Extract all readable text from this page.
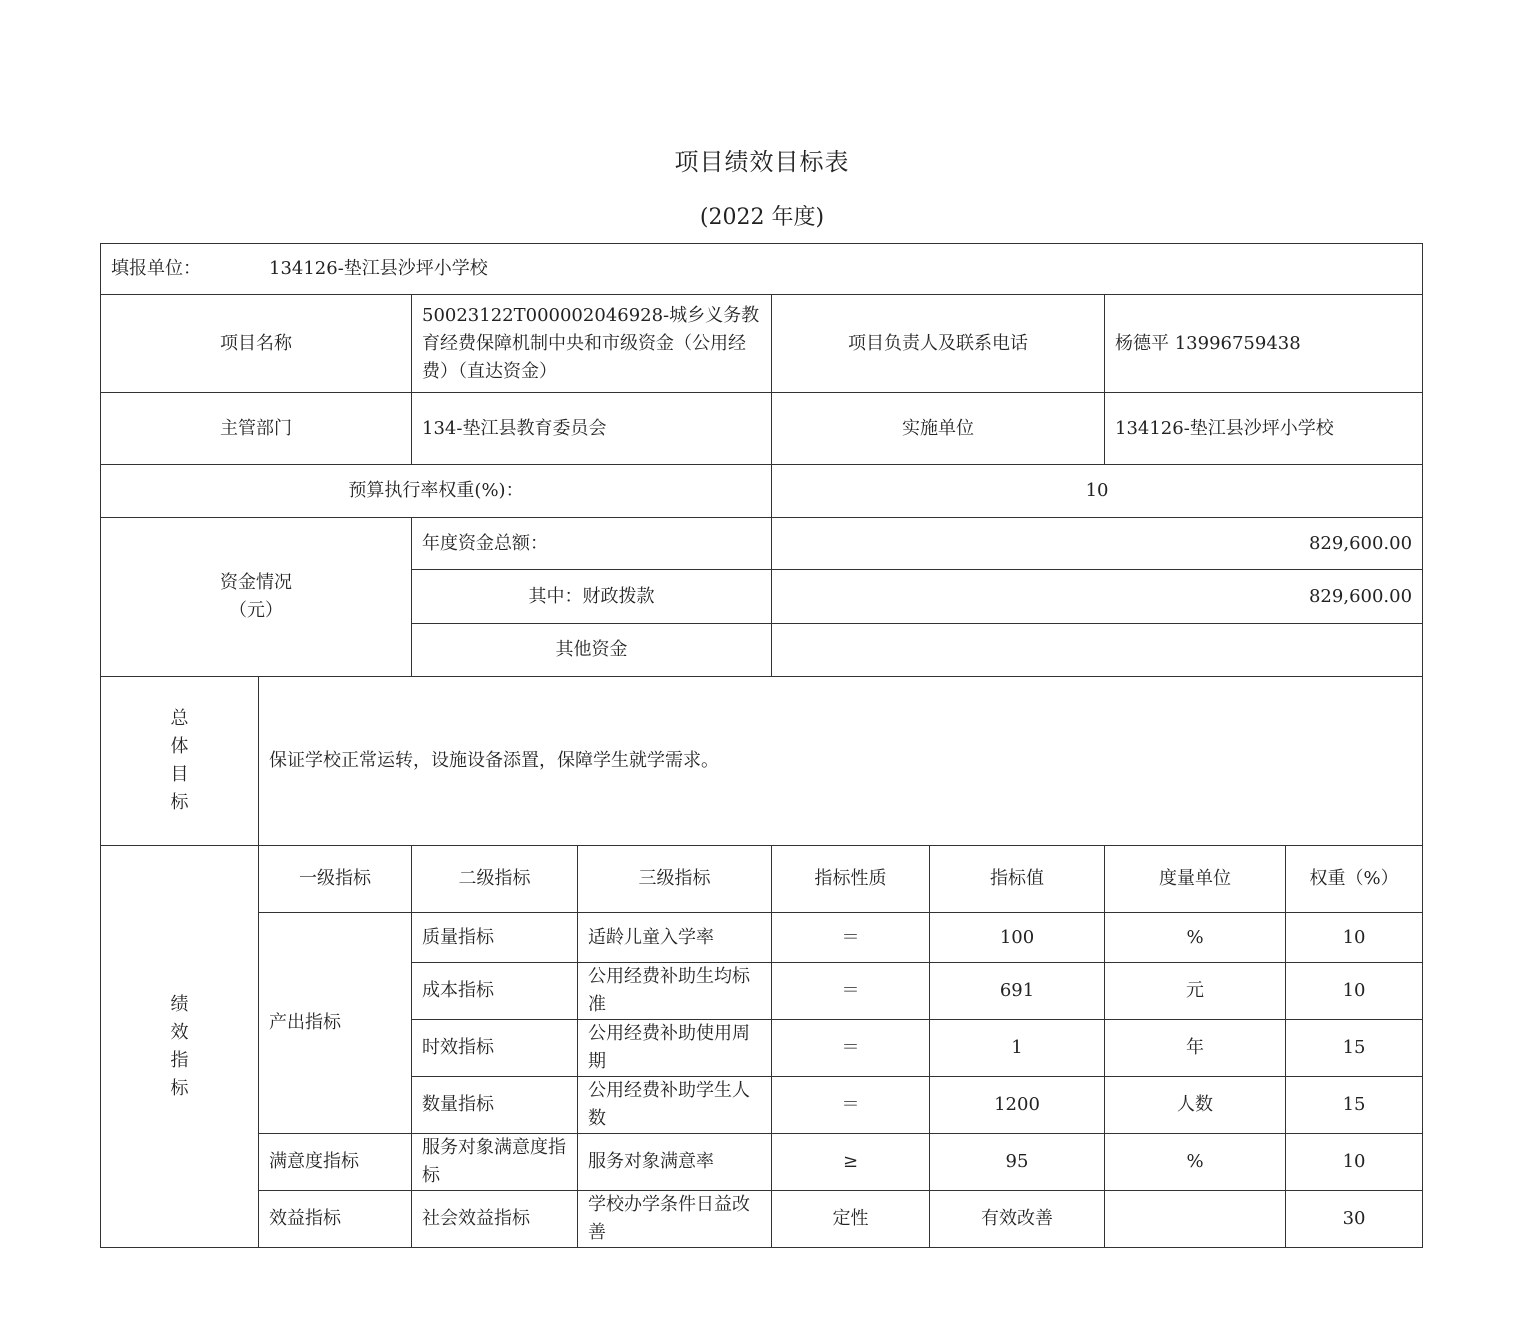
项目绩效目标表
(2022 年度)
填报单位： 134126-垫江县沙坪小学校							
项目名称		50023122T000002046928-城乡义务教育经费保障机制中央和市级资金（公用经费）（直达资金）		项目负责人及联系电话		杨德平 13996759438	
主管部门		134-垫江县教育委员会		实施单位		134126-垫江县沙坪小学校	
预算执行率权重(%)：				10			

资金情况
（元）		年度资金总额：		829,600.00			
		其中：财政拨款		829,600.00			
		其他资金					

总
体
目
标	保证学校正常运转，设施设备添置，保障学生就学需求。						

绩
效
指
标	一级指标	二级指标	三级指标	指标性质	指标值	度量单位	权重（%）
	产出指标	质量指标	适龄儿童入学率	＝	100	%	10
		成本指标	公用经费补助生均标准	＝	691	元	10
		时效指标	公用经费补助使用周期	＝	1	年	15
		数量指标	公用经费补助学生人数	＝	1200	人数	15
	满意度指标	服务对象满意度指标	服务对象满意率	≥	95	%	10
	效益指标	社会效益指标	学校办学条件日益改善	定性	有效改善		30
